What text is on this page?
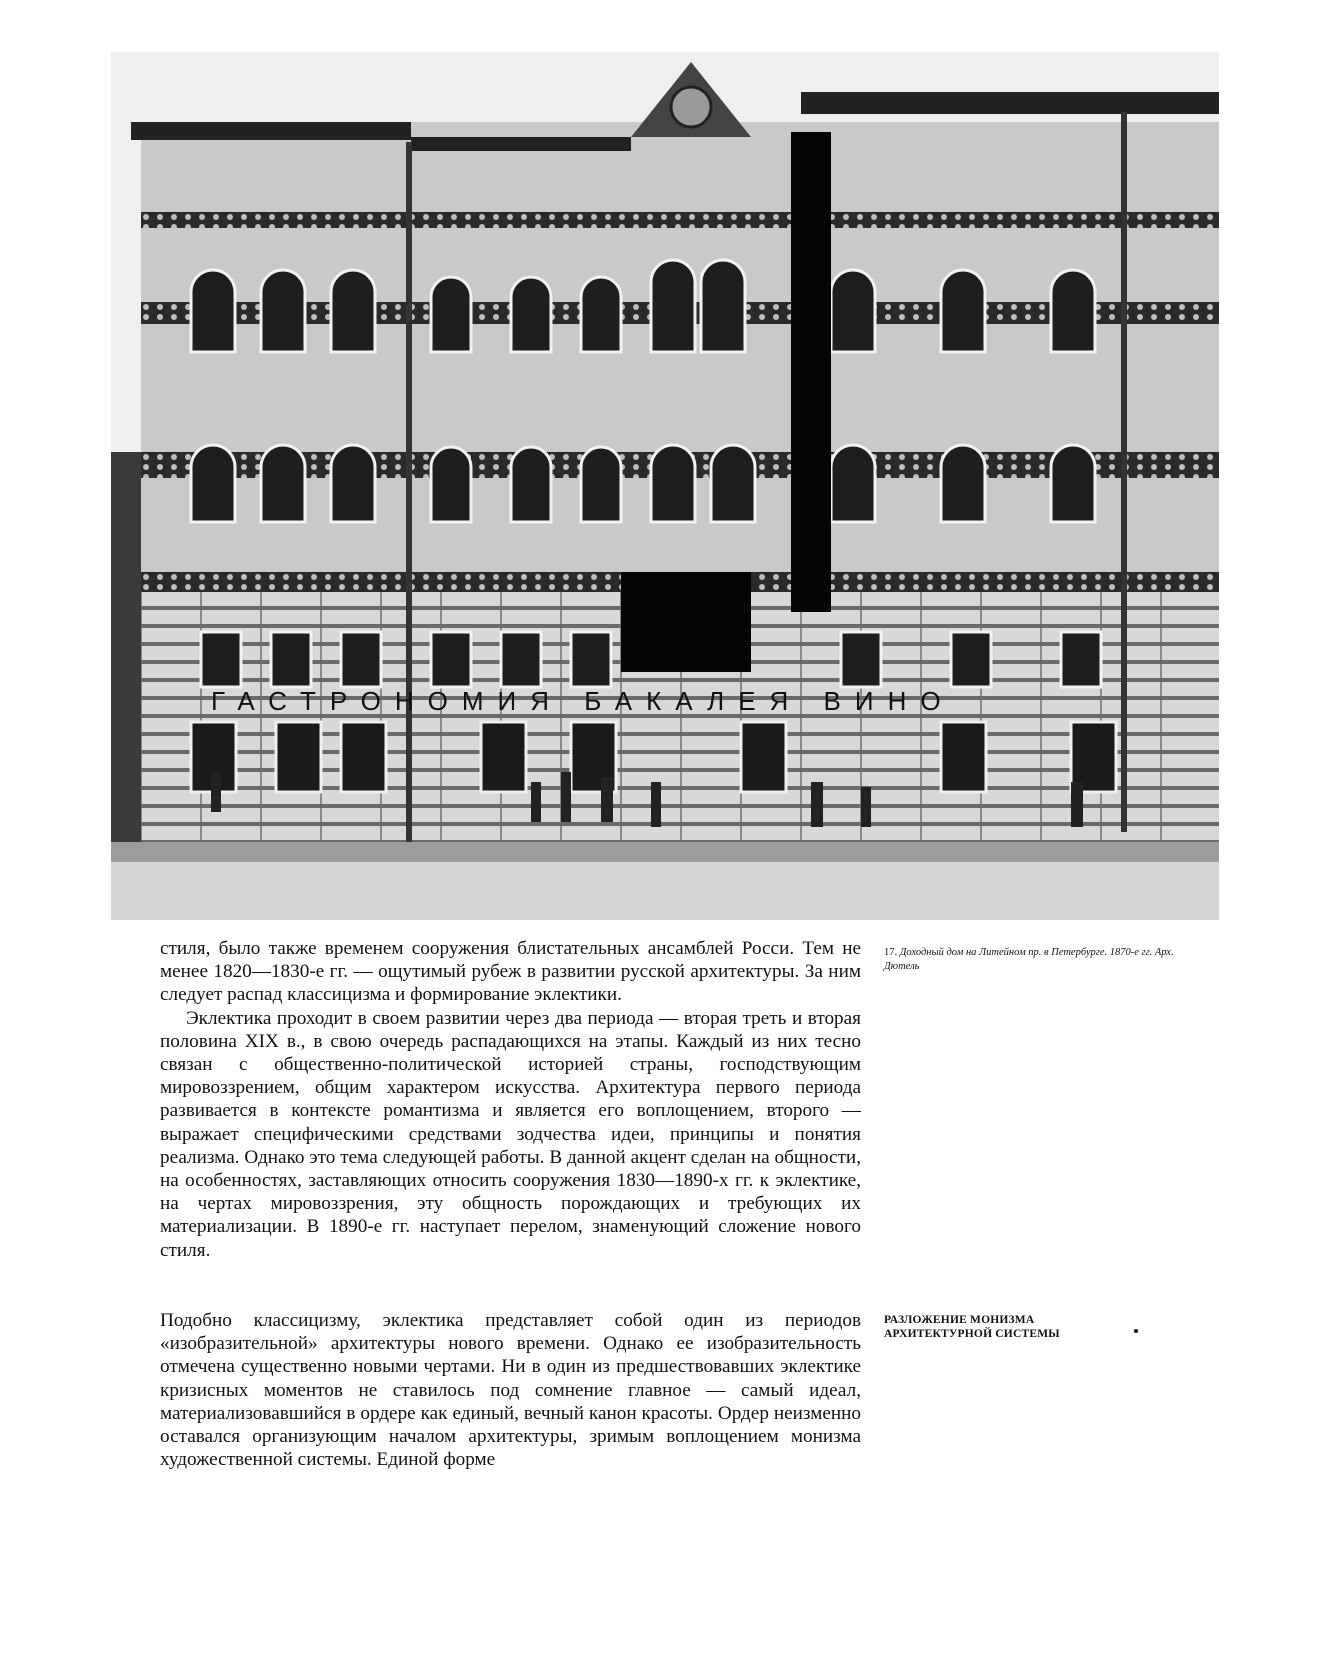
ГАСТРОНОМИЯ БАКАЛЕЯ ВИНО
17. Доходный дом на Литейном пр. в Петербурге. 1870-е гг. Арх. Дютель

стиля, было также временем сооружения блистательных ансамблей Росси. Тем не менее 1820—1830-е гг. — ощутимый рубеж в развитии русской архитектуры. За ним следует распад классицизма и формирование эклектики.

Эклектика проходит в своем развитии через два периода — вторая треть и вторая половина XIX в., в свою очередь распадающихся на этапы. Каждый из них тесно связан с общественно-политической историей страны, господствующим мировоззрением, общим характером искусства. Архитектура первого периода развивается в контексте романтизма и является его воплощением, второго — выражает специфическими средствами зодчества идеи, принципы и понятия реализма. Однако это тема следующей работы. В данной акцент сделан на общности, на особенностях, заставляющих относить сооружения 1830—1890-х гг. к эклектике, на чертах мировоззрения, эту общность порождающих и требующих их материализации. В 1890-е гг. наступает перелом, знаменующий сложение нового стиля.

РАЗЛОЖЕНИЕ МОНИЗМА
АРХИТЕКТУРНОЙ СИСТЕМЫ

Подобно классицизму, эклектика представляет собой один из периодов «изобразительной» архитектуры нового времени. Однако ее изобразительность отмечена существенно новыми чертами. Ни в один из предшествовавших эклектике кризисных моментов не ставилось под сомнение главное — самый идеал, материализовавшийся в ордере как единый, вечный канон красоты. Ордер неизменно оставался организующим началом архитектуры, зримым воплощением монизма художественной системы. Единой форме
